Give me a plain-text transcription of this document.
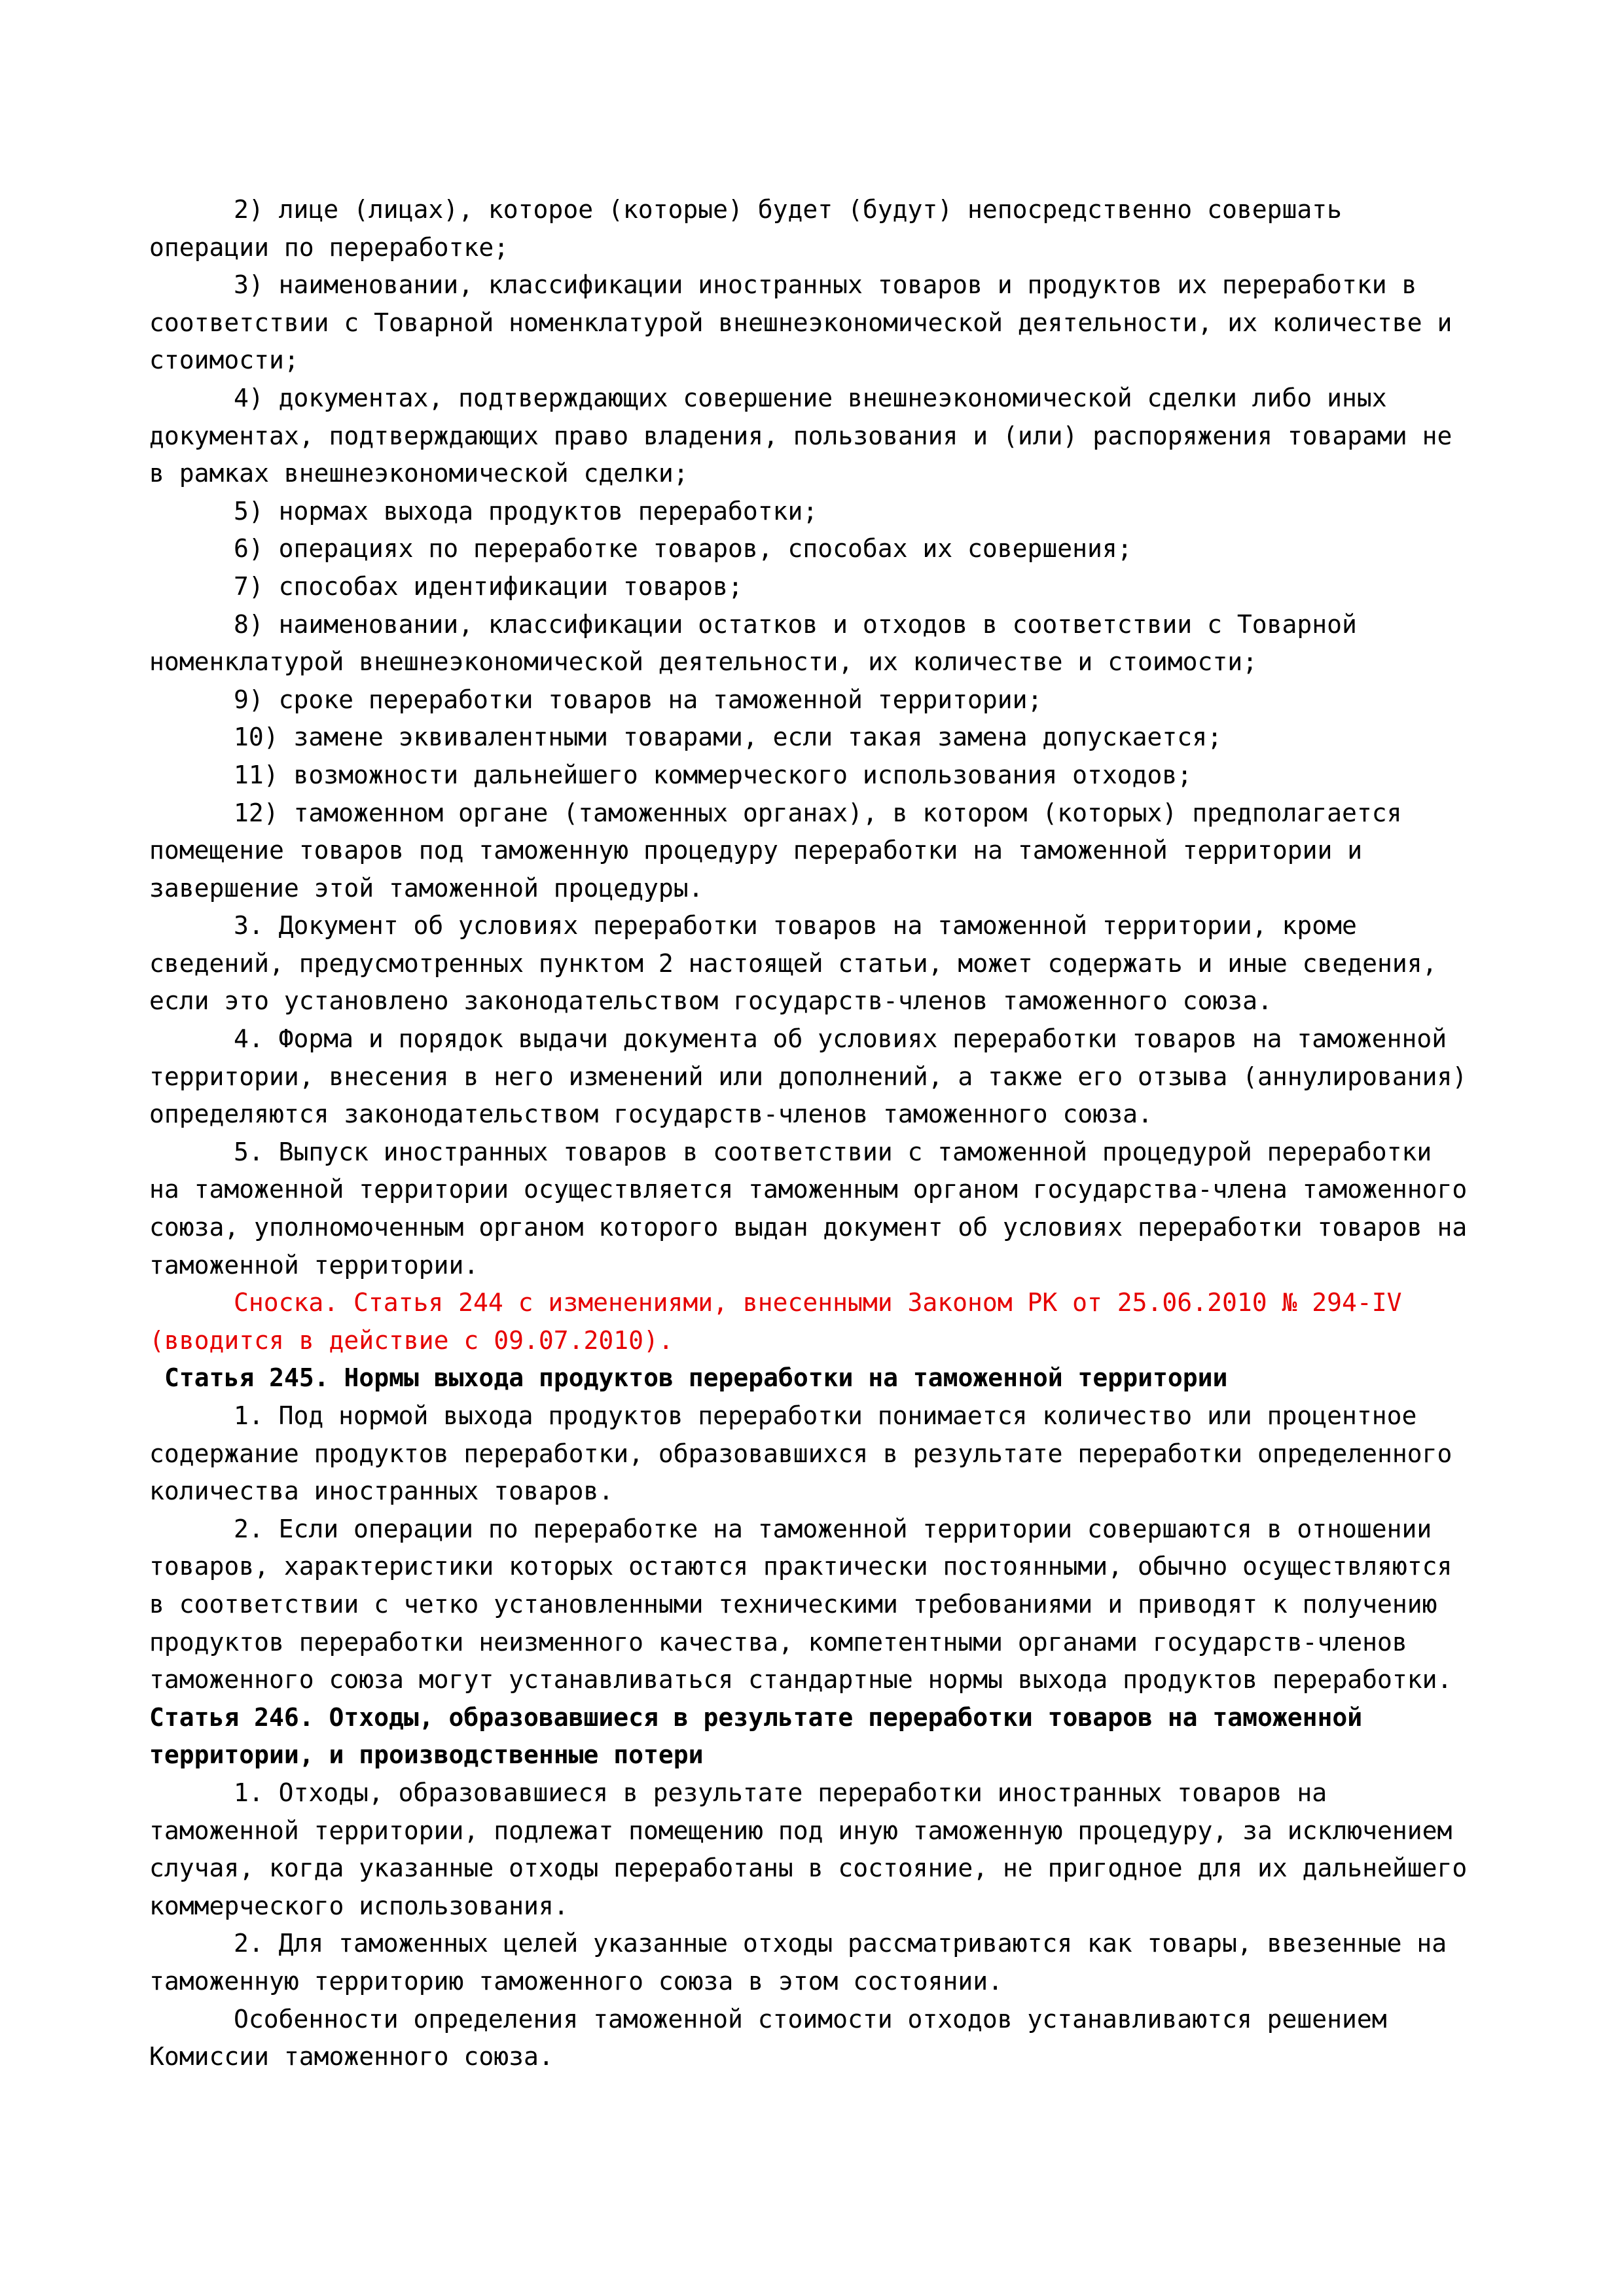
2) лице (лицах), которое (которые) будет (будут) непосредственно совершать операции по переработке;

3) наименовании, классификации иностранных товаров и продуктов их переработки в соответствии с Товарной номенклатурой внешнеэкономической деятельности, их количестве и стоимости;

4) документах, подтверждающих совершение внешнеэкономической сделки либо иных документах, подтверждающих право владения, пользования и (или) распоряжения товарами не в рамках внешнеэкономической сделки;

5) нормах выхода продуктов переработки;

6) операциях по переработке товаров, способах их совершения;

7) способах идентификации товаров;

8) наименовании, классификации остатков и отходов в соответствии с Товарной номенклатурой внешнеэкономической деятельности, их количестве и стоимости;

9) сроке переработки товаров на таможенной территории;

10) замене эквивалентными товарами, если такая замена допускается;

11) возможности дальнейшего коммерческого использования отходов;

12) таможенном органе (таможенных органах), в котором (которых) предполагается помещение товаров под таможенную процедуру переработки на таможенной территории и завершение этой таможенной процедуры.

3. Документ об условиях переработки товаров на таможенной территории, кроме сведений, предусмотренных пунктом 2 настоящей статьи, может содержать и иные сведения, если это установлено законодательством государств-членов таможенного союза.

4. Форма и порядок выдачи документа об условиях переработки товаров на таможенной территории, внесения в него изменений или дополнений, а также его отзыва (аннулирования) определяются законодательством государств-членов таможенного союза.

5. Выпуск иностранных товаров в соответствии с таможенной процедурой переработки на таможенной территории осуществляется таможенным органом государства-члена таможенного союза, уполномоченным органом которого выдан документ об условиях переработки товаров на таможенной территории.

Сноска. Статья 244 с изменениями, внесенными Законом РК от 25.06.2010 № 294-IV (вводится в действие с 09.07.2010).

Статья 245. Нормы выхода продуктов переработки на таможенной территории

1. Под нормой выхода продуктов переработки понимается количество или процентное содержание продуктов переработки, образовавшихся в результате переработки определенного количества иностранных товаров.

2. Если операции по переработке на таможенной территории совершаются в отношении товаров, характеристики которых остаются практически постоянными, обычно осуществляются в соответствии с четко установленными техническими требованиями и приводят к получению продуктов переработки неизменного качества, компетентными органами государств-членов таможенного союза могут устанавливаться стандартные нормы выхода продуктов переработки.

Статья 246. Отходы, образовавшиеся в результате переработки товаров на таможенной территории, и производственные потери

1. Отходы, образовавшиеся в результате переработки иностранных товаров на таможенной территории, подлежат помещению под иную таможенную процедуру, за исключением случая, когда указанные отходы переработаны в состояние, не пригодное для их дальнейшего коммерческого использования.

2. Для таможенных целей указанные отходы рассматриваются как товары, ввезенные на таможенную территорию таможенного союза в этом состоянии.

Особенности определения таможенной стоимости отходов устанавливаются решением Комиссии таможенного союза.
